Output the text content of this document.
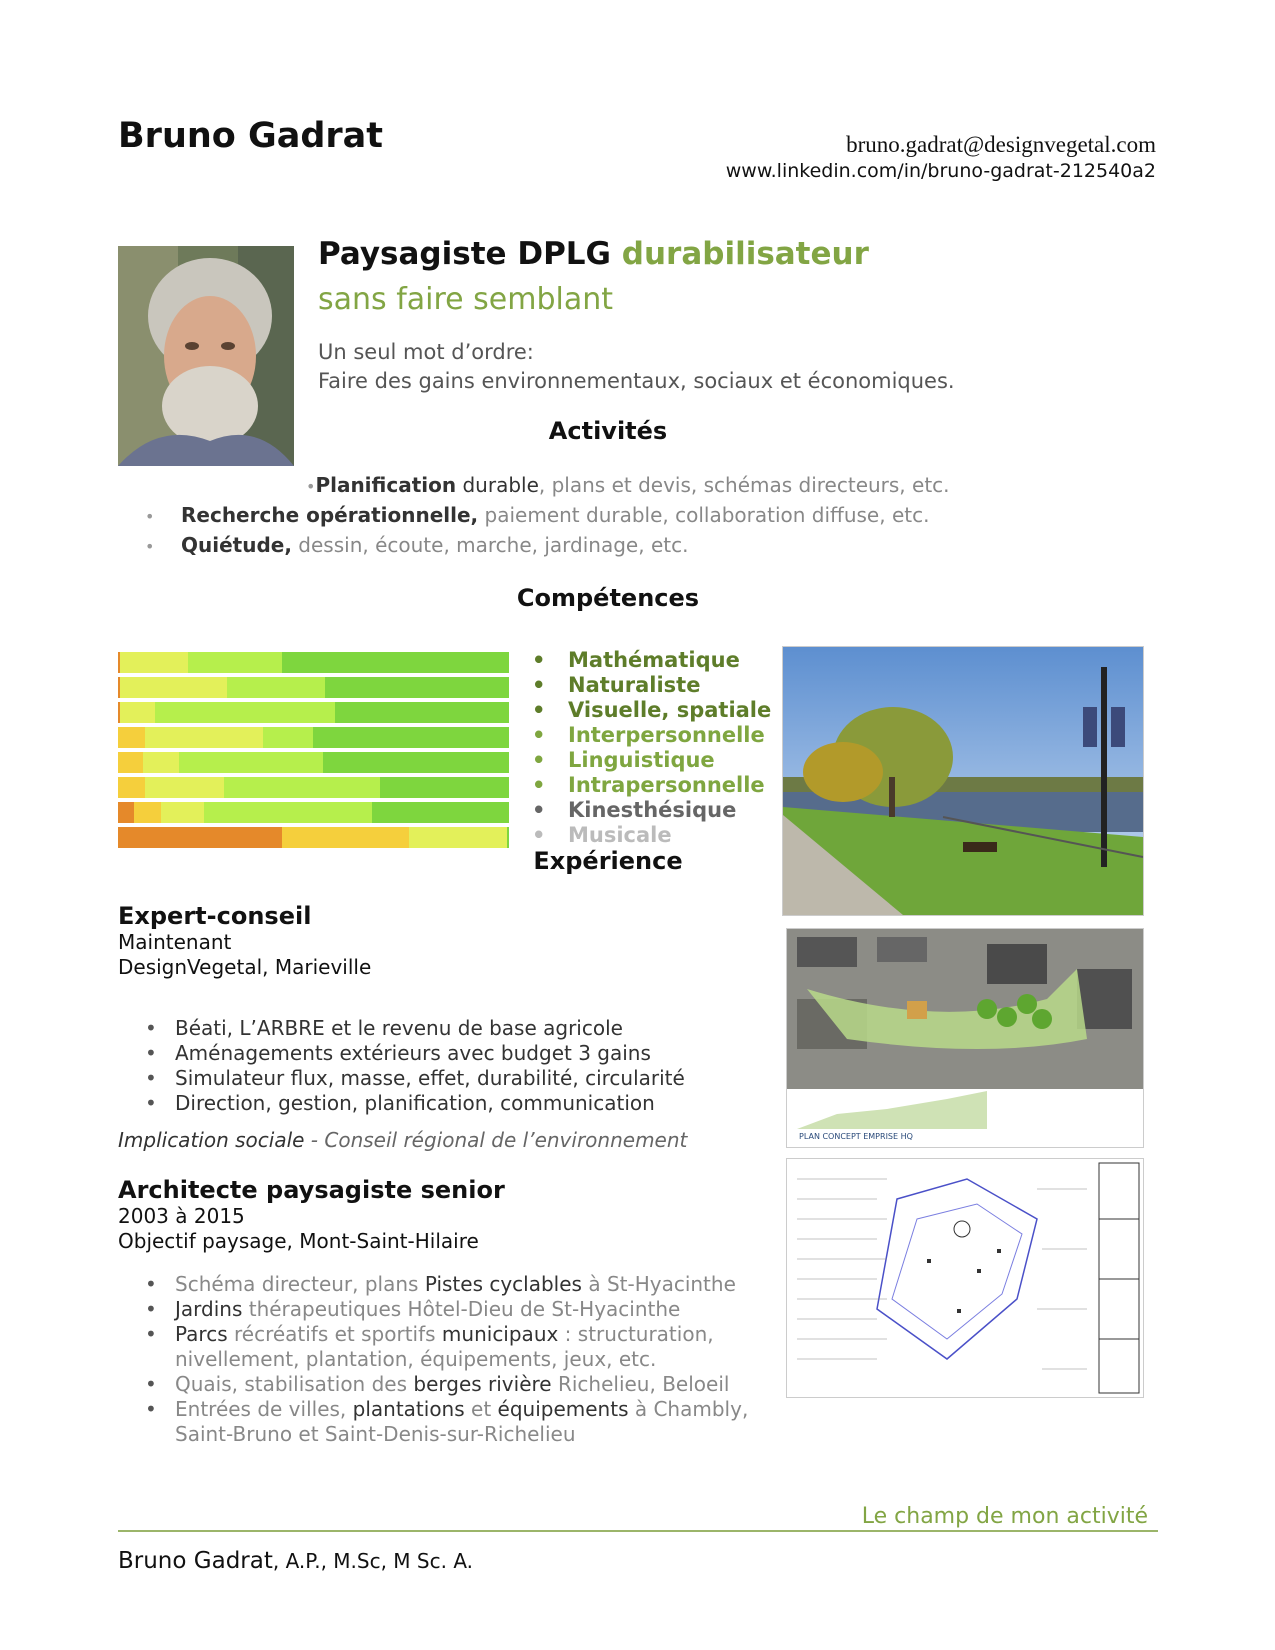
Bruno Gadrat	bruno.gadrat@designvegetal.com
www.linkedin.com/in/bruno-gadrat-212540a2
Paysagiste DPLG durabilisateur
sans faire semblant
Un seul mot d’ordre:
Faire des gains environnementaux, sociaux et économiques.
Activités
•Planification durable, plans et devis, schémas directeurs, etc.
• Recherche opérationnelle, paiement durable, collaboration diffuse, etc.
• Quiétude, dessin, écoute, marche, jardinage, etc.
Compétences
•	Mathématique
•	Naturaliste
•	Visuelle, spatiale
•	Interpersonnelle
•	Linguistique
•	Intrapersonnelle
•	Kinesthésique
•	Musicale
PLAN CONCEPT EMPRISE HQ
Expérience
Expert-conseil
Maintenant
DesignVegetal, Marieville
• Béati, L’ARBRE et le revenu de base agricole
• Aménagements extérieurs avec budget 3 gains
• Simulateur flux, masse, effet, durabilité, circularité
• Direction, gestion, planification, communication
Implication sociale - Conseil régional de l’environnement
Architecte paysagiste senior
2003 à 2015
Objectif paysage, Mont-Saint-Hilaire
• Schéma directeur, plans Pistes cyclables à St-Hyacinthe
• Jardins thérapeutiques Hôtel-Dieu de St-Hyacinthe
• Parcs récréatifs et sportifs municipaux : structuration,
nivellement, plantation, équipements, jeux, etc.
• Quais, stabilisation des berges rivière Richelieu, Beloeil
• Entrées de villes, plantations et équipements à Chambly,
Saint-Bruno et Saint-Denis-sur-Richelieu
Le champ de mon activité
Bruno Gadrat, A.P., M.Sc, M Sc. A.
